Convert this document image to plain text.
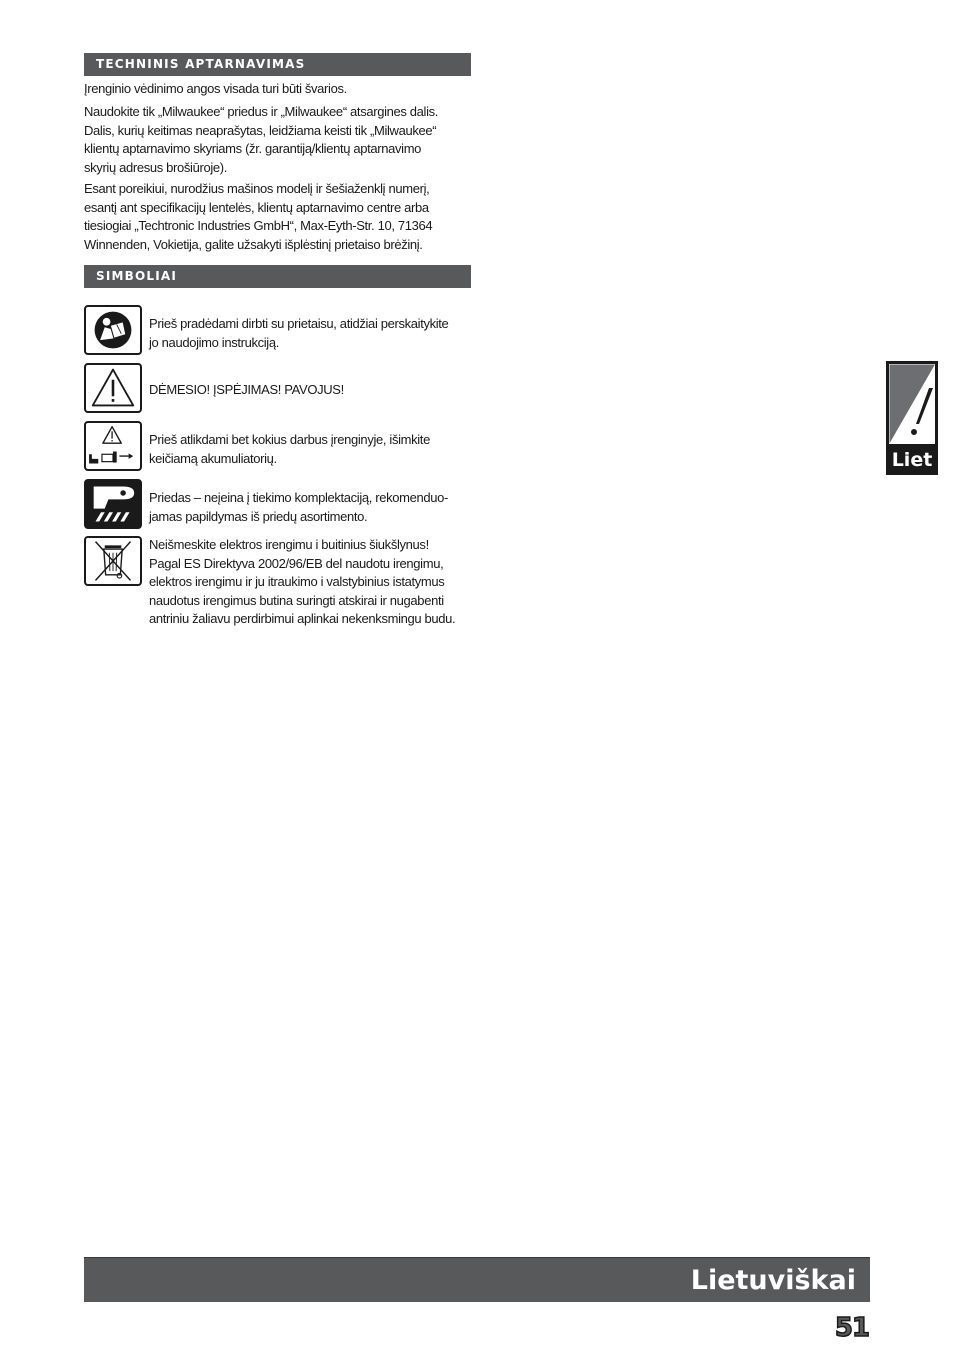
TECHNINIS APTARNAVIMAS

Įrenginio vėdinimo angos visada turi būti švarios.

Naudokite tik „Milwaukee“ priedus ir „Milwaukee“ atsargines dalis.
Dalis, kurių keitimas neaprašytas, leidžiama keisti tik „Milwaukee“
klientų aptarnavimo skyriams (žr. garantiją/klientų aptarnavimo
skyrių adresus brošiūroje).

Esant poreikiui, nurodžius mašinos modelį ir šešiaženklį numerį,
esantį ant specifikacijų lentelės, klientų aptarnavimo centre arba
tiesiogiai „Techtronic Industries GmbH“, Max-Eyth-Str. 10, 71364
Winnenden, Vokietija, galite užsakyti išplėstinį prietaiso brėžinį.

SIMBOLIAI

Prieš pradėdami dirbti su prietaisu, atidžiai perskaitykite
jo naudojimo instrukciją.

DĖMESIO! ĮSPĖJIMAS! PAVOJUS!

Prieš atlikdami bet kokius darbus įrenginyje, išimkite
keičiamą akumuliatorių.

Priedas – neįeina į tiekimo komplektaciją, rekomenduo-
jamas papildymas iš priedų asortimento.

Neišmeskite elektros irengimu i buitinius šiukšlynus!
Pagal ES Direktyva 2002/96/EB del naudotu irengimu,
elektros irengimu ir ju itraukimo i valstybinius istatymus
naudotus irengimus butina suringti atskirai ir nugabenti
antriniu žaliavu perdirbimui aplinkai nekenksmingu budu.

Liet
Lietuviškai
51
